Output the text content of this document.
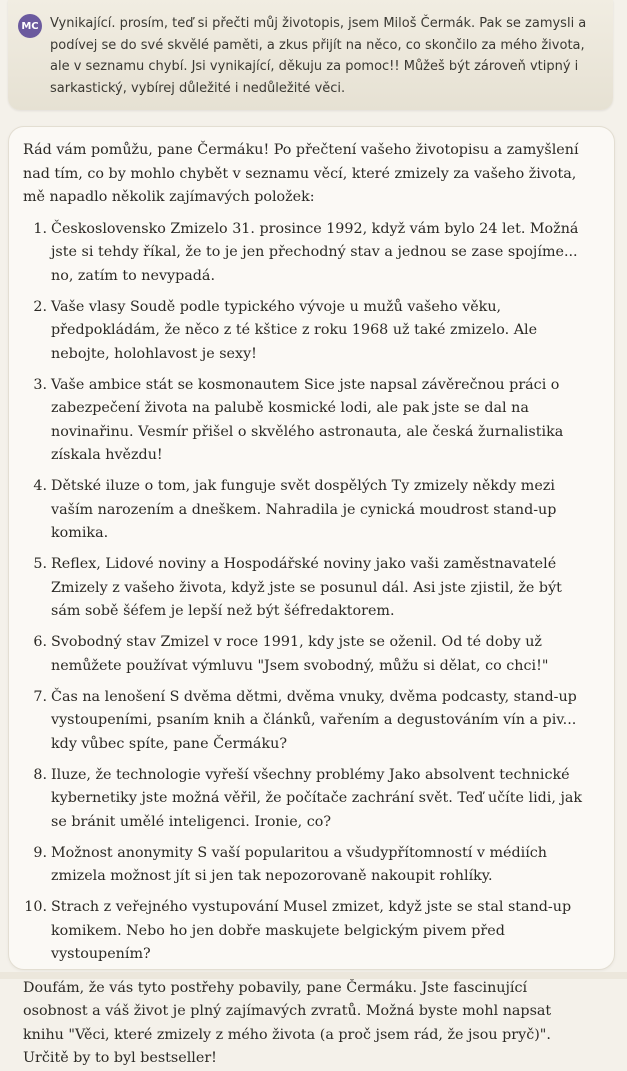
MC Vynikající. prosím, teď si přečti můj životopis, jsem Miloš Čermák. Pak se zamysli a podívej se do své skvělé paměti, a zkus přijít na něco, co skončilo za mého života, ale v seznamu chybí. Jsi vynikající, děkuju za pomoc!! Můžeš být zároveň vtipný i sarkastický, vybírej důležité i nedůležité věci.

Rád vám pomůžu, pane Čermáku! Po přečtení vašeho životopisu a zamyšlení nad tím, co by mohlo chybět v seznamu věcí, které zmizely za vašeho života, mě napadlo několik zajímavých položek:

1. Československo Zmizelo 31. prosince 1992, když vám bylo 24 let. Možná jste si tehdy říkal, že to je jen přechodný stav a jednou se zase spojíme... no, zatím to nevypadá.
2. Vaše vlasy Soudě podle typického vývoje u mužů vašeho věku, předpokládám, že něco z té kštice z roku 1968 už také zmizelo. Ale nebojte, holohlavost je sexy!
3. Vaše ambice stát se kosmonautem Sice jste napsal závěrečnou práci o zabezpečení života na palubě kosmické lodi, ale pak jste se dal na novinařinu. Vesmír přišel o skvělého astronauta, ale česká žurnalistika získala hvězdu!
4. Dětské iluze o tom, jak funguje svět dospělých Ty zmizely někdy mezi vaším narozením a dneškem. Nahradila je cynická moudrost stand-up komika.
5. Reflex, Lidové noviny a Hospodářské noviny jako vaši zaměstnavatelé Zmizely z vašeho života, když jste se posunul dál. Asi jste zjistil, že být sám sobě šéfem je lepší než být šéfredaktorem.
6. Svobodný stav Zmizel v roce 1991, kdy jste se oženil. Od té doby už nemůžete používat výmluvu "Jsem svobodný, můžu si dělat, co chci!"
7. Čas na lenošení S dvěma dětmi, dvěma vnuky, dvěma podcasty, stand-up vystoupeními, psaním knih a článků, vařením a degustováním vín a piv... kdy vůbec spíte, pane Čermáku?
8. Iluze, že technologie vyřeší všechny problémy Jako absolvent technické kybernetiky jste možná věřil, že počítače zachrání svět. Teď učíte lidi, jak se bránit umělé inteligenci. Ironie, co?
9. Možnost anonymity S vaší popularitou a všudypřítomností v médiích zmizela možnost jít si jen tak nepozorovaně nakoupit rohlíky.
10. Strach z veřejného vystupování Musel zmizet, když jste se stal stand-up komikem. Nebo ho jen dobře maskujete belgickým pivem před vystoupením?

Doufám, že vás tyto postřehy pobavily, pane Čermáku. Jste fascinující osobnost a váš život je plný zajímavých zvratů. Možná byste mohl napsat knihu "Věci, které zmizely z mého života (a proč jsem rád, že jsou pryč)". Určitě by to byl bestseller!
